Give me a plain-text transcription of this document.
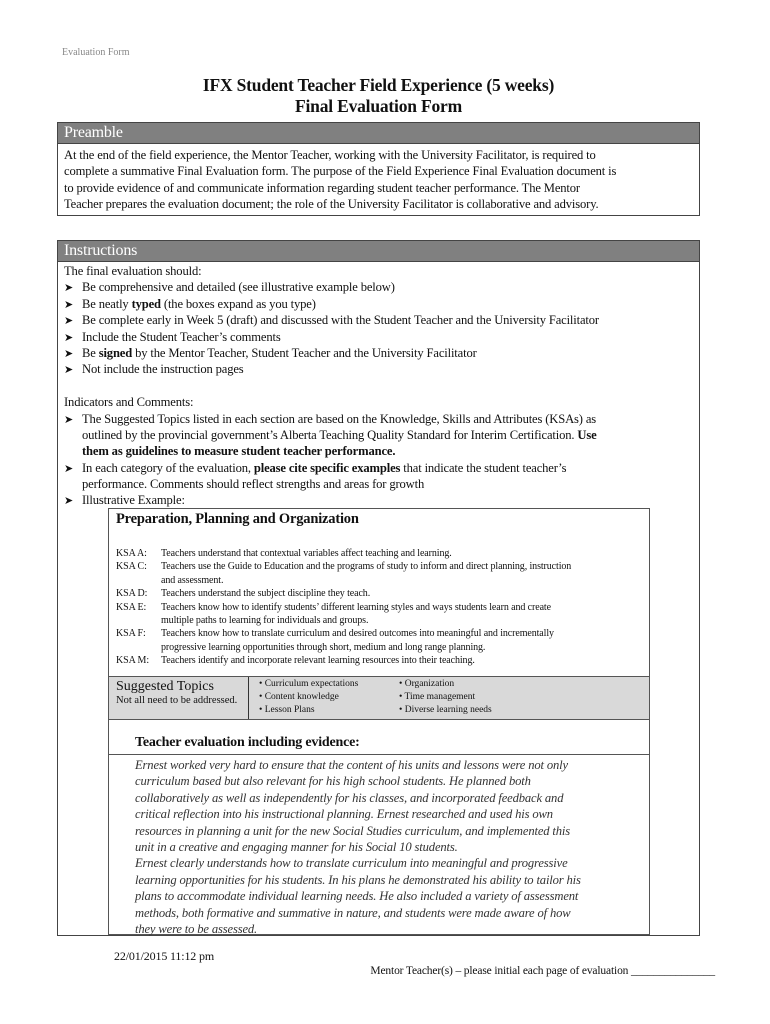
Evaluation Form
IFX Student Teacher Field Experience (5 weeks)
Final Evaluation Form
Preamble
At the end of the field experience, the Mentor Teacher, working with the University Facilitator, is required to
complete a summative Final Evaluation form. The purpose of the Field Experience Final Evaluation document is
to provide evidence of and communicate information regarding student teacher performance. The Mentor
Teacher prepares the evaluation document; the role of the University Facilitator is collaborative and advisory.
Instructions
The final evaluation should:
➤ Be comprehensive and detailed (see illustrative example below)
➤ Be neatly typed (the boxes expand as you type)
➤ Be complete early in Week 5 (draft) and discussed with the Student Teacher and the University Facilitator
➤ Include the Student Teacher’s comments
➤ Be signed by the Mentor Teacher, Student Teacher and the University Facilitator
➤ Not include the instruction pages
Indicators and Comments:
➤ The Suggested Topics listed in each section are based on the Knowledge, Skills and Attributes (KSAs) as
outlined by the provincial government’s Alberta Teaching Quality Standard for Interim Certification. Use
them as guidelines to measure student teacher performance.
➤ In each category of the evaluation, please cite specific examples that indicate the student teacher’s
performance. Comments should reflect strengths and areas for growth
➤ Illustrative Example:
Preparation, Planning and Organization
KSA A: Teachers understand that contextual variables affect teaching and learning.
KSA C: Teachers use the Guide to Education and the programs of study to inform and direct planning, instruction
and assessment.
KSA D: Teachers understand the subject discipline they teach.
KSA E: Teachers know how to identify students’ different learning styles and ways students learn and create
multiple paths to learning for individuals and groups.
KSA F: Teachers know how to translate curriculum and desired outcomes into meaningful and incrementally
progressive learning opportunities through short, medium and long range planning.
KSA M: Teachers identify and incorporate relevant learning resources into their teaching.
Suggested Topics
Not all need to be addressed.
• Curriculum expectations
• Content knowledge
• Lesson Plans
• Organization
• Time management
• Diverse learning needs
Teacher evaluation including evidence:
Ernest worked very hard to ensure that the content of his units and lessons were not only
curriculum based but also relevant for his high school students. He planned both
collaboratively as well as independently for his classes, and incorporated feedback and
critical reflection into his instructional planning. Ernest researched and used his own
resources in planning a unit for the new Social Studies curriculum, and implemented this
unit in a creative and engaging manner for his Social 10 students.
Ernest clearly understands how to translate curriculum into meaningful and progressive
learning opportunities for his students. In his plans he demonstrated his ability to tailor his
plans to accommodate individual learning needs. He also included a variety of assessment
methods, both formative and summative in nature, and students were made aware of how
they were to be assessed.
22/01/2015 11:12 pm
Mentor Teacher(s) – please initial each page of evaluation _______________
